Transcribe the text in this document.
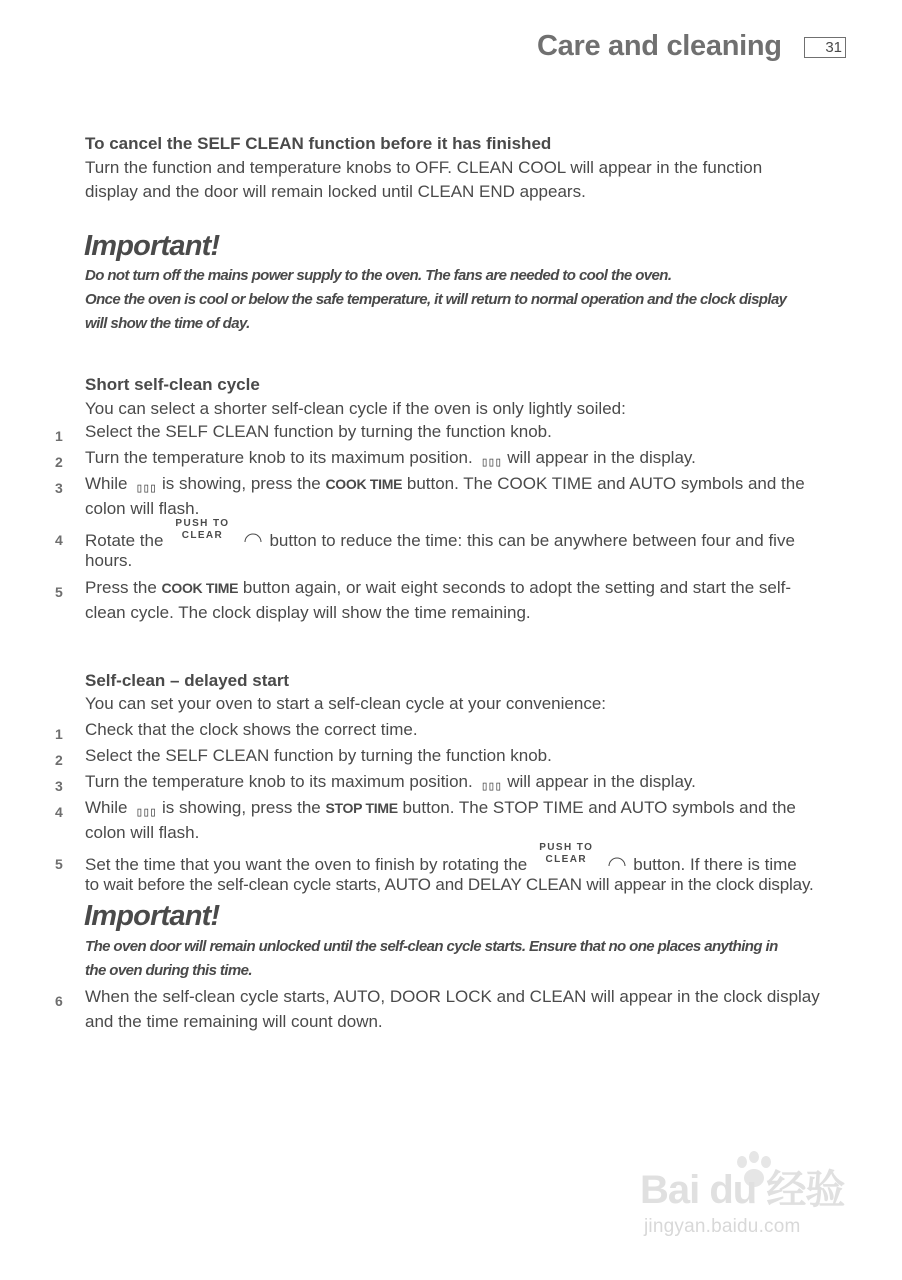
Care and cleaning	31
To cancel the SELF CLEAN function before it has finished
Turn the function and temperature knobs to OFF. CLEAN COOL will appear in the function
display and the door will remain locked until CLEAN END appears.
Important!
Do not turn off the mains power supply to the oven. The fans are needed to cool the oven.
Once the oven is cool or below the safe temperature, it will return to normal operation and the clock display
will show the time of day.
Short self-clean cycle
You can select a shorter self-clean cycle if the oven is only lightly soiled:
1 Select the SELF CLEAN function by turning the function knob.
2 Turn the temperature knob to its maximum position. ▯▯▯ will appear in the display.
3 While ▯▯▯ is showing, press the COOK TIME button. The COOK TIME and AUTO symbols and the
colon will flash.
4 Rotate the
PUSH TO
CLEAR	button to reduce the time: this can be anywhere between four and five
hours.
5 Press the COOK TIME button again, or wait eight seconds to adopt the setting and start the self-
clean cycle. The clock display will show the time remaining.
Self-clean – delayed start
You can set your oven to start a self-clean cycle at your convenience:
1 Check that the clock shows the correct time.
2 Select the SELF CLEAN function by turning the function knob.
3 Turn the temperature knob to its maximum position. ▯▯▯ will appear in the display.
4 While ▯▯▯ is showing, press the STOP TIME button. The STOP TIME and AUTO symbols and the
colon will flash.
5 Set the time that you want the oven to finish by rotating the
PUSH TO
CLEAR	button. If there is time
to wait before the self-clean cycle starts, AUTO and DELAY CLEAN will appear in the clock display.
Important!
The oven door will remain unlocked until the self-clean cycle starts. Ensure that no one places anything in
the oven during this time.
6 When the self-clean cycle starts, AUTO, DOOR LOCK and CLEAN will appear in the clock display
and the time remaining will count down.
Bai du 经验
jingyan.baidu.com
